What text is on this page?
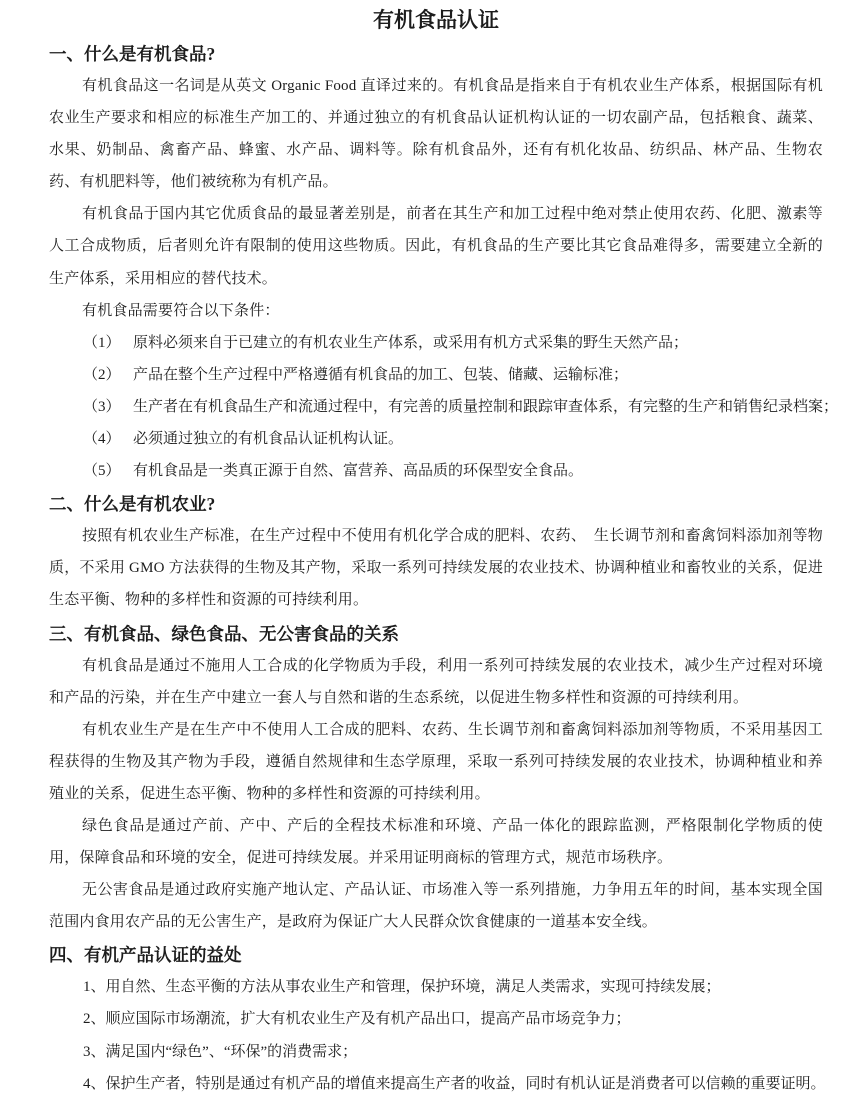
有机食品认证
一、什么是有机食品?

有机食品这一名词是从英文 Organic Food 直译过来的。有机食品是指来自于有机农业生产体系，根据国际有机农业生产要求和相应的标准生产加工的、并通过独立的有机食品认证机构认证的一切农副产品，包括粮食、蔬菜、水果、奶制品、禽畜产品、蜂蜜、水产品、调料等。除有机食品外，还有有机化妆品、纺织品、林产品、生物农药、有机肥料等，他们被统称为有机产品。

有机食品于国内其它优质食品的最显著差别是，前者在其生产和加工过程中绝对禁止使用农药、化肥、激素等人工合成物质，后者则允许有限制的使用这些物质。因此，有机食品的生产要比其它食品难得多，需要建立全新的生产体系，采用相应的替代技术。

有机食品需要符合以下条件：

（1） 原料必须来自于已建立的有机农业生产体系，或采用有机方式采集的野生天然产品；
（2） 产品在整个生产过程中严格遵循有机食品的加工、包装、储藏、运输标准；
（3） 生产者在有机食品生产和流通过程中，有完善的质量控制和跟踪审查体系，有完整的生产和销售纪录档案；
（4） 必须通过独立的有机食品认证机构认证。
（5） 有机食品是一类真正源于自然、富营养、高品质的环保型安全食品。
二、什么是有机农业?

按照有机农业生产标准，在生产过程中不使用有机化学合成的肥料、农药、　生长调节剂和畜禽饲料添加剂等物质，不采用 GMO 方法获得的生物及其产物，采取一系列可持续发展的农业技术、协调种植业和畜牧业的关系，促进生态平衡、物种的多样性和资源的可持续利用。

三、有机食品、绿色食品、无公害食品的关系

有机食品是通过不施用人工合成的化学物质为手段，利用一系列可持续发展的农业技术，减少生产过程对环境和产品的污染，并在生产中建立一套人与自然和谐的生态系统，以促进生物多样性和资源的可持续利用。

有机农业生产是在生产中不使用人工合成的肥料、农药、生长调节剂和畜禽饲料添加剂等物质，不采用基因工程获得的生物及其产物为手段，遵循自然规律和生态学原理，采取一系列可持续发展的农业技术，协调种植业和养殖业的关系，促进生态平衡、物种的多样性和资源的可持续利用。

绿色食品是通过产前、产中、产后的全程技术标准和环境、产品一体化的跟踪监测，严格限制化学物质的使用，保障食品和环境的安全，促进可持续发展。并采用证明商标的管理方式，规范市场秩序。

无公害食品是通过政府实施产地认定、产品认证、市场准入等一系列措施，力争用五年的时间，基本实现全国范围内食用农产品的无公害生产，是政府为保证广大人民群众饮食健康的一道基本安全线。

四、有机产品认证的益处
1、用自然、生态平衡的方法从事农业生产和管理，保护环境，满足人类需求，实现可持续发展；
2、顺应国际市场潮流，扩大有机农业生产及有机产品出口，提高产品市场竞争力；
3、满足国内“绿色”、“环保”的消费需求；
4、保护生产者，特别是通过有机产品的增值来提高生产者的收益，同时有机认证是消费者可以信赖的重要证明。
